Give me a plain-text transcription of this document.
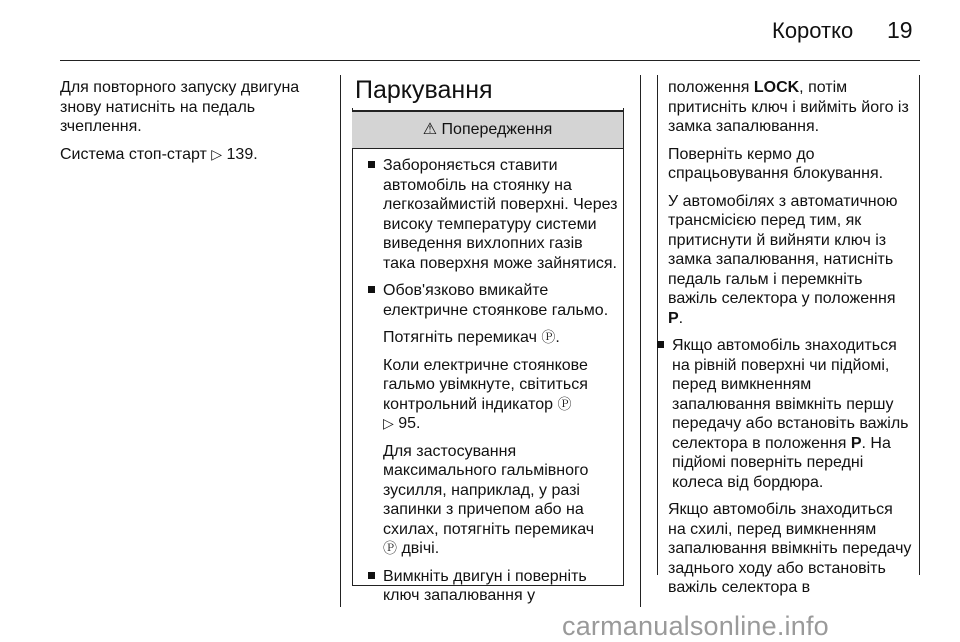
Коротко 19

Для повторного запуску двигуна знову натисніть на педаль зчеплення.

Система стоп-старт ▷ 139.

Паркування
⚠ Попередження

Забороняється ставити автомобіль на стоянку на легкозаймистій поверхні. Через високу температуру системи виведення вихлопних газів така поверхня може зайнятися.

Обов'язково вмикайте електричне стоянкове гальмо.

Потягніть перемикач Ⓟ.

Коли електричне стоянкове гальмо увімкнуте, світиться контрольний індикатор Ⓟ
▷ 95.

Для застосування максимального гальмівного зусилля, наприклад, у разі запинки з причепом або на схилах, потягніть перемикач
Ⓟ двічі.

Вимкніть двигун і поверніть ключ запалювання у

положення LOCK, потім притисніть ключ і вийміть його із замка запалювання.

Поверніть кермо до спрацьовування блокування.

У автомобілях з автоматичною трансмісією перед тим, як притиснути й вийняти ключ із замка запалювання, натисніть педаль гальм і перемкніть важіль селектора у положення P.

Якщо автомобіль знаходиться на рівній поверхні чи підйомі, перед вимкненням запалювання ввімкніть першу передачу або встановіть важіль селектора в положення P. На підйомі поверніть передні колеса від бордюра.

Якщо автомобіль знаходиться на схилі, перед вимкненням запалювання ввімкніть передачу заднього ходу або встановіть важіль селектора в

carmanualsonline.info
